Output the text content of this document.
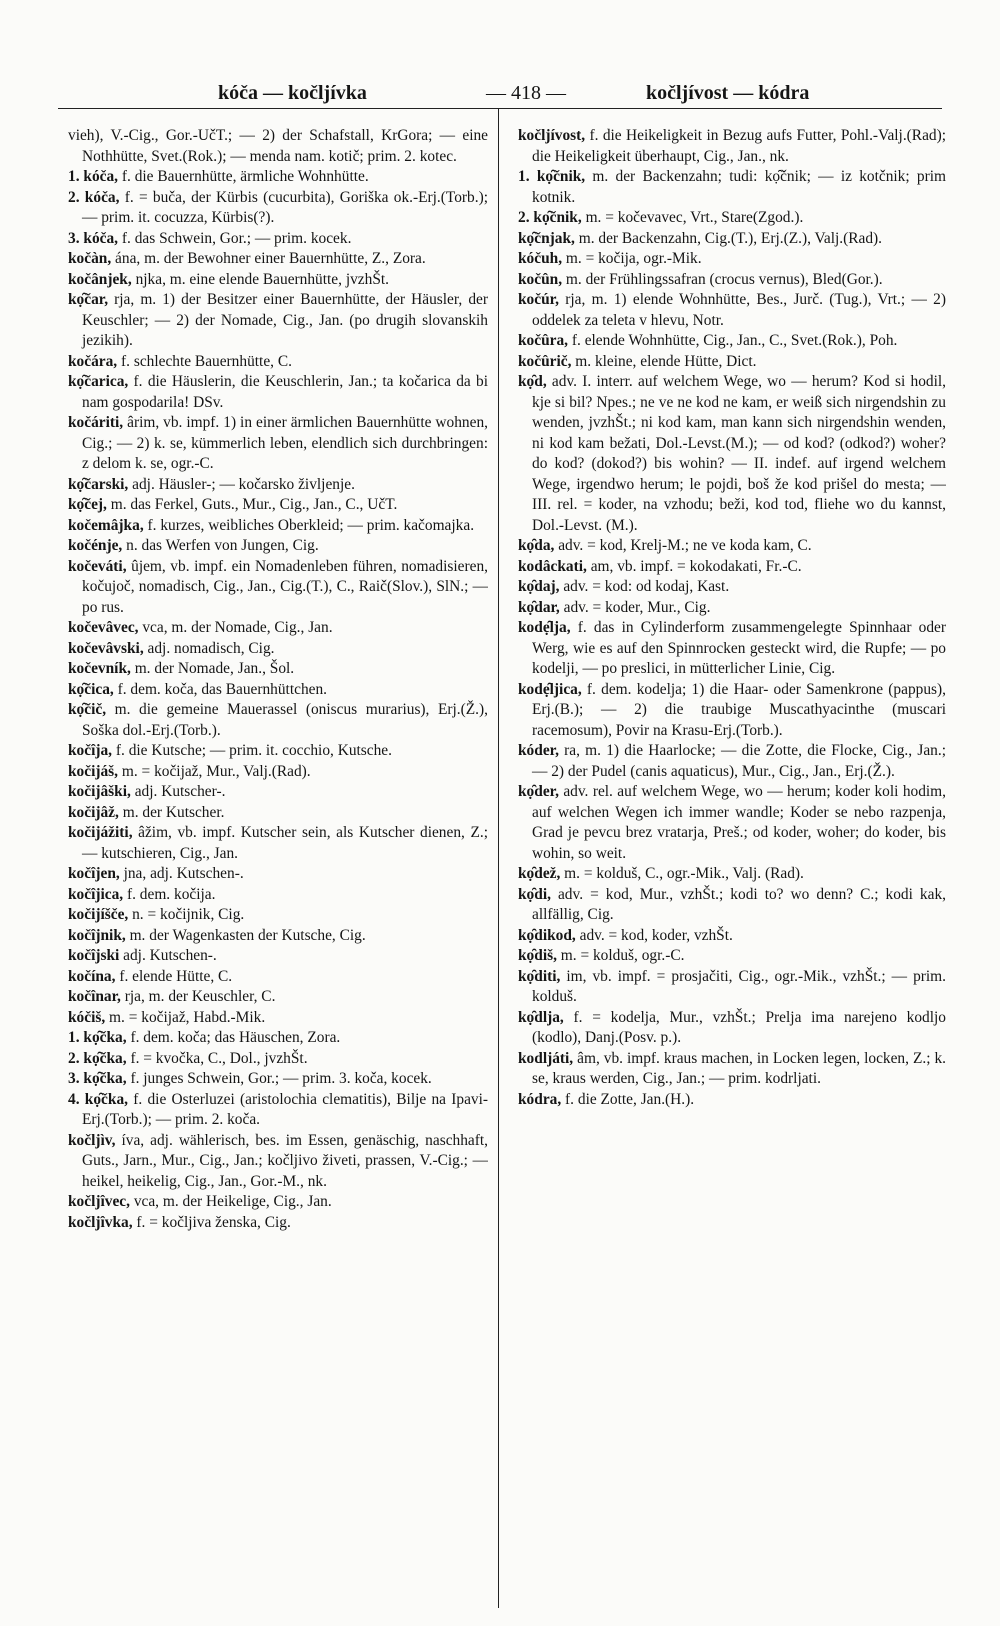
kóča — kočljívka	— 418 —	kočljívost — kódra

vieh), V.-Cig., Gor.-UčT.; — 2) der Schafstall, KrGora; — eine Nothhütte, Svet.(Rok.); — menda nam. kotič; prim. 2. kotec.

1. kóča, f. die Bauernhütte, ärmliche Wohnhütte.

2. kóča, f. = buča, der Kürbis (cucurbita), Goriška ok.-Erj.(Torb.); — prim. it. cocuzza, Kürbis(?).

3. kóča, f. das Schwein, Gor.; — prim. kocek.

kočàn, ána, m. der Bewohner einer Bauernhütte, Z., Zora.

kočânjek, njka, m. eine elende Bauernhütte, jvzhŠt.

kọ̑čar, rja, m. 1) der Besitzer einer Bauernhütte, der Häusler, der Keuschler; — 2) der Nomade, Cig., Jan. (po drugih slovanskih jezikih).

kočára, f. schlechte Bauernhütte, C.

kọ̑čarica, f. die Häuslerin, die Keuschlerin, Jan.; ta kočarica da bi nam gospodarila! DSv.

kočáriti, ârim, vb. impf. 1) in einer ärmlichen Bauernhütte wohnen, Cig.; — 2) k. se, kümmerlich leben, elendlich sich durchbringen: z delom k. se, ogr.-C.

kọ̑čarski, adj. Häusler-; — kočarsko življenje.

kọ̑čej, m. das Ferkel, Guts., Mur., Cig., Jan., C., UčT.

kočemâjka, f. kurzes, weibliches Oberkleid; — prim. kačomajka.

kočénje, n. das Werfen von Jungen, Cig.

kočeváti, ûjem, vb. impf. ein Nomadenleben führen, nomadisieren, kočujoč, nomadisch, Cig., Jan., Cig.(T.), C., Raič(Slov.), SlN.; — po rus.

kočevâvec, vca, m. der Nomade, Cig., Jan.

kočevâvski, adj. nomadisch, Cig.

kočevník, m. der Nomade, Jan., Šol.

kọ̑čica, f. dem. koča, das Bauernhüttchen.

kọ̑čič, m. die gemeine Mauerassel (oniscus murarius), Erj.(Ž.), Soška dol.-Erj.(Torb.).

kočîja, f. die Kutsche; — prim. it. cocchio, Kutsche.

kočijáš, m. = kočijaž, Mur., Valj.(Rad).

kočijâški, adj. Kutscher-.

kočijâž, m. der Kutscher.

kočijážiti, âžim, vb. impf. Kutscher sein, als Kutscher dienen, Z.; — kutschieren, Cig., Jan.

kočîjen, jna, adj. Kutschen-.

kočîjica, f. dem. kočija.

kočijíšče, n. = kočijnik, Cig.

kočîjnik, m. der Wagenkasten der Kutsche, Cig.

kočîjski adj. Kutschen-.

kočína, f. elende Hütte, C.

kočînar, rja, m. der Keuschler, C.

kóčiš, m. = kočijaž, Habd.-Mik.

1. kọ̑čka, f. dem. koča; das Häuschen, Zora.

2. kọ̑čka, f. = kvočka, C., Dol., jvzhŠt.

3. kọ̑čka, f. junges Schwein, Gor.; — prim. 3. koča, kocek.

4. kọ̑čka, f. die Osterluzei (aristolochia clematitis), Bilje na Ipavi-Erj.(Torb.); — prim. 2. koča.

kočljìv, íva, adj. wählerisch, bes. im Essen, genäschig, naschhaft, Guts., Jarn., Mur., Cig., Jan.; kočljivo živeti, prassen, V.-Cig.; — heikel, heikelig, Cig., Jan., Gor.-M., nk.

kočljîvec, vca, m. der Heikelige, Cig., Jan.

kočljîvka, f. = kočljiva ženska, Cig.

kočljívost, f. die Heikeligkeit in Bezug aufs Futter, Pohl.-Valj.(Rad); die Heikeligkeit überhaupt, Cig., Jan., nk.

1. kọ̑čnik, m. der Backenzahn; tudi: kọ̑čnik; — iz kotčnik; prim kotnik.

2. kọ̑čnik, m. = kočevavec, Vrt., Stare(Zgod.).

kọ̑čnjak, m. der Backenzahn, Cig.(T.), Erj.(Z.), Valj.(Rad).

kóčuh, m. = kočija, ogr.-Mik.

kočûn, m. der Frühlingssafran (crocus vernus), Bled(Gor.).

kočúr, rja, m. 1) elende Wohnhütte, Bes., Jurč. (Tug.), Vrt.; — 2) oddelek za teleta v hlevu, Notr.

kočûra, f. elende Wohnhütte, Cig., Jan., C., Svet.(Rok.), Poh.

kočûrič, m. kleine, elende Hütte, Dict.

kọ̑d, adv. I. interr. auf welchem Wege, wo — herum? Kod si hodil, kje si bil? Npes.; ne ve ne kod ne kam, er weiß sich nirgendshin zu wenden, jvzhŠt.; ni kod kam, man kann sich nirgendshin wenden, ni kod kam bežati, Dol.-Levst.(M.); — od kod? (odkod?) woher? do kod? (dokod?) bis wohin? — II. indef. auf irgend welchem Wege, irgendwo herum; le pojdi, boš že kod prišel do mesta; — III. rel. = koder, na vzhodu; beži, kod tod, fliehe wo du kannst, Dol.-Levst. (M.).

kọ̑da, adv. = kod, Krelj-M.; ne ve koda kam, C.

kodâckati, am, vb. impf. = kokodakati, Fr.-C.

kọ̑daj, adv. = kod: od kodaj, Kast.

kọ̑dar, adv. = koder, Mur., Cig.

kodẹ̑lja, f. das in Cylinderform zusammengelegte Spinnhaar oder Werg, wie es auf den Spinnrocken gesteckt wird, die Rupfe; — po kodelji, — po preslici, in mütterlicher Linie, Cig.

kodẹ̑ljica, f. dem. kodelja; 1) die Haar- oder Samenkrone (pappus), Erj.(B.); — 2) die traubige Muscathyacinthe (muscari racemosum), Povir na Krasu-Erj.(Torb.).

kóder, ra, m. 1) die Haarlocke; — die Zotte, die Flocke, Cig., Jan.; — 2) der Pudel (canis aquaticus), Mur., Cig., Jan., Erj.(Ž.).

kọ̑der, adv. rel. auf welchem Wege, wo — herum; koder koli hodim, auf welchen Wegen ich immer wandle; Koder se nebo razpenja, Grad je pevcu brez vratarja, Preš.; od koder, woher; do koder, bis wohin, so weit.

kọ̑dež, m. = kolduš, C., ogr.-Mik., Valj. (Rad).

kọ̑di, adv. = kod, Mur., vzhŠt.; kodi to? wo denn? C.; kodi kak, allfällig, Cig.

kọ̑dikod, adv. = kod, koder, vzhŠt.

kọ̑diš, m. = kolduš, ogr.-C.

kọ̑diti, im, vb. impf. = prosjačiti, Cig., ogr.-Mik., vzhŠt.; — prim. kolduš.

kọ̑dlja, f. = kodelja, Mur., vzhŠt.; Prelja ima narejeno kodljo (kodlo), Danj.(Posv. p.).

kodljáti, âm, vb. impf. kraus machen, in Locken legen, locken, Z.; k. se, kraus werden, Cig., Jan.; — prim. kodrljati.

kódra, f. die Zotte, Jan.(H.).
